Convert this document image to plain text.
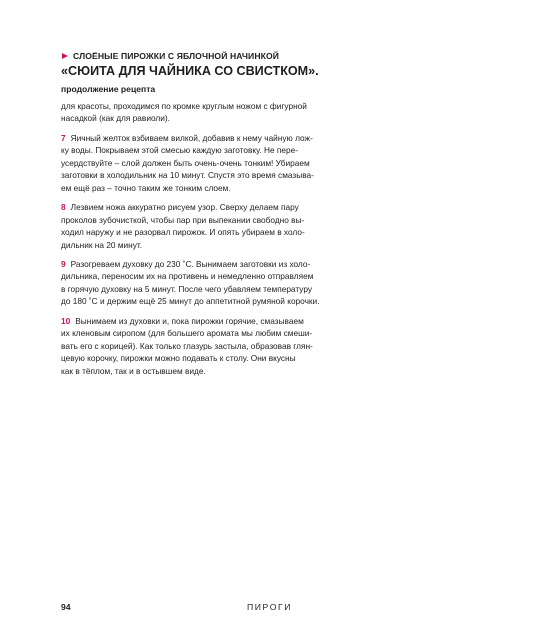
СЛОЁНЫЕ ПИРОЖКИ С ЯБЛОЧНОЙ НАЧИНКОЙ
«СЮИТА ДЛЯ ЧАЙНИКА СО СВИСТКОМ».
продолжение рецепта

для красоты, проходимся по кромке круглым ножом с фигурной
насадкой (как для равиоли).

7 Яичный желток взбиваем вилкой, добавив к нему чайную лож-
ку воды. Покрываем этой смесью каждую заготовку. Не пере-
усердствуйте – слой должен быть очень-очень тонким! Убираем
заготовки в холодильник на 10 минут. Спустя это время смазыва-
ем ещё раз – точно таким же тонким слоем.

8 Лезвием ножа аккуратно рисуем узор. Сверху делаем пару
проколов зубочисткой, чтобы пар при выпекании свободно вы-
ходил наружу и не разорвал пирожок. И опять убираем в холо-
дильник на 20 минут.

9 Разогреваем духовку до 230 ˚С. Вынимаем заготовки из холо-
дильника, переносим их на противень и немедленно отправляем
в горячую духовку на 5 минут. После чего убавляем температуру
до 180 ˚С и держим ещё 25 минут до аппетитной румяной корочки.

10 Вынимаем из духовки и, пока пирожки горячие, смазываем
их кленовым сиропом (для большего аромата мы любим смеши-
вать его с корицей). Как только глазурь застыла, образовав глян-
цевую корочку, пирожки можно подавать к столу. Они вкусны
как в тёплом, так и в остывшем виде.

94	ПИРОГИ
